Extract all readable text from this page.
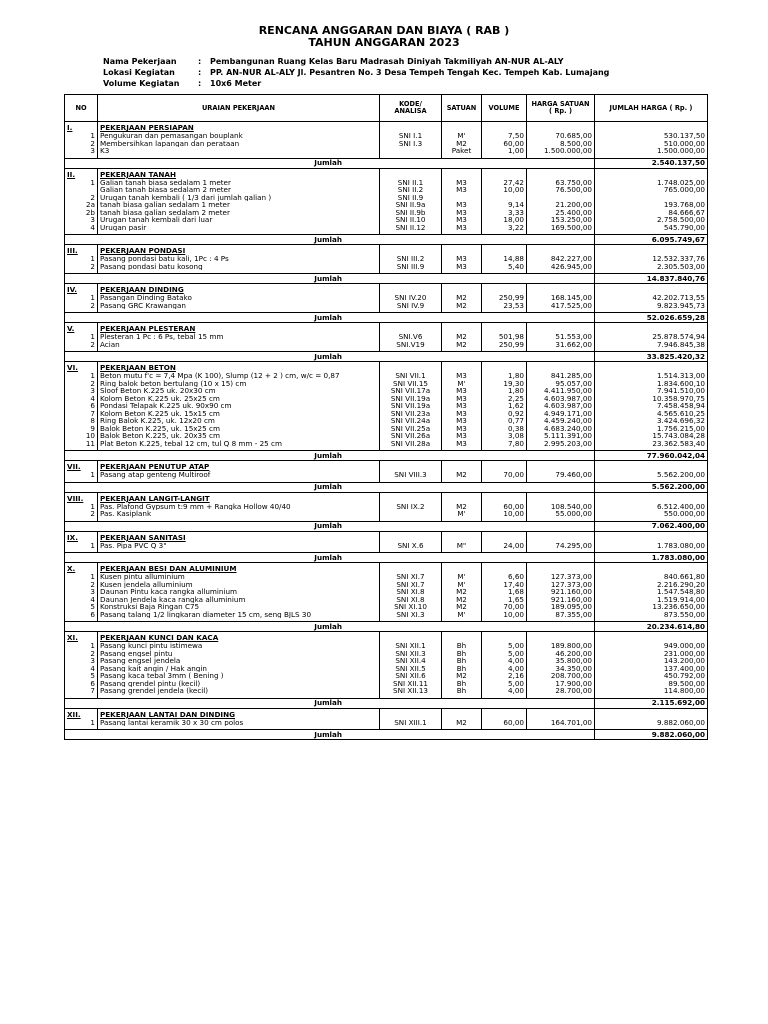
RENCANA ANGGARAN DAN BIAYA ( RAB )
TAHUN ANGGARAN 2023
Nama Pekerjaan	:	Pembangunan Ruang Kelas Baru Madrasah Diniyah Takmiliyah AN-NUR AL-ALY
Lokasi Kegiatan	:	PP. AN-NUR AL-ALY Jl. Pesantren No. 3 Desa Tempeh Tengah Kec. Tempeh Kab. Lumajang
Volume Kegiatan	:	10x6 Meter
NO	URAIAN PEKERJAAN	KODE/ ANALISA	SATUAN	VOLUME	HARGA SATUAN ( Rp. )	JUMLAH HARGA ( Rp. )

I.	PEKERJAAN PERSIAPAN					
1	Pengukuran dan pemasangan bouplank	SNI I.1	M'	7,50	70.685,00	530.137,50
2	Membersihkan lapangan dan perataan	SNI I.3	M2	60,00	8.500,00	510.000,00
3	K3		Paket	1,00	1.500.000,00	1.500.000,00

Jumlah						2.540.137,50

II.	PEKERJAAN TANAH					
1	Galian tanah biasa sedalam 1 meter	SNI II.1	M3	27,42	63.750,00	1.748.025,00
	Galian tanah biasa sedalam 2 meter	SNI II.2	M3	10,00	76.500,00	765.000,00
2	Urugan tanah kembali ( 1/3 dari jumlah galian )	SNI II.9				
2a	tanah biasa galian sedalam 1 meter	SNI II.9a	M3	9,14	21.200,00	193.768,00
2b	tanah biasa galian sedalam 2 meter	SNI II.9b	M3	3,33	25.400,00	84.666,67
3	Urugan tanah kembali dari luar	SNI II.10	M3	18,00	153.250,00	2.758.500,00
4	Urugan pasir	SNI II.12	M3	3,22	169.500,00	545.790,00

Jumlah						6.095.749,67

III.	PEKERJAAN PONDASI					
1	Pasang pondasi batu kali, 1Pc : 4 Ps	SNI III.2	M3	14,88	842.227,00	12.532.337,76
2	Pasang pondasi batu kosong	SNI III.9	M3	5,40	426.945,00	2.305.503,00

Jumlah						14.837.840,76

IV.	PEKERJAAN DINDING					
1	Pasangan Dinding Batako	SNI IV.20	M2	250,99	168.145,00	42.202.713,55
2	Pasang GRC Krawangan	SNI IV.9	M2	23,53	417.525,00	9.823.945,73

Jumlah						52.026.659,28

V.	PEKERJAAN PLESTERAN					
1	Plesteran 1 Pc : 6 Ps, tebal 15 mm	SNI.V6	M2	501,98	51.553,00	25.878.574,94
2	Acian	SNI.V19	M2	250,99	31.662,00	7.946.845,38

Jumlah						33.825.420,32

VI.	PEKERJAAN BETON					
1	Beton mutu f'c = 7,4 Mpa (K 100), Slump (12 + 2 ) cm, w/c = 0,87	SNI VII.1	M3	1,80	841.285,00	1.514.313,00
2	Ring balok beton bertulang (10 x 15) cm	SNI VII.15	M'	19,30	95.057,00	1.834.600,10
3	Sloof Beton K.225 uk. 20x30 cm	SNI VII.17a	M3	1,80	4.411.950,00	7.941.510,00
4	Kolom Beton K.225 uk. 25x25 cm	SNI VII.19a	M3	2,25	4.603.987,00	10.358.970,75
6	Pondasi Telapak K.225 uk. 90x90 cm	SNI VII.19a	M3	1,62	4.603.987,00	7.458.458,94
7	Kolom Beton K.225 uk. 15x15 cm	SNI VII.23a	M3	0,92	4.949.171,00	4.565.610,25
8	Ring Balok K.225, uk. 12x20 cm	SNI VII.24a	M3	0,77	4.459.240,00	3.424.696,32
9	Balok Beton K.225, uk. 15x25 cm	SNI VII.25a	M3	0,38	4.683.240,00	1.756.215,00
10	Balok Beton K.225, uk. 20x35 cm	SNI VII.26a	M3	3,08	5.111.391,00	15.743.084,28
11	Plat Beton K.225, tebal 12 cm, tul Q 8 mm - 25 cm	SNI VII.28a	M3	7,80	2.995.203,00	23.362.583,40

Jumlah						77.960.042,04

VII.	PEKERJAAN PENUTUP ATAP					
1	Pasang atap genteng Multiroof	SNI VIII.3	M2	70,00	79.460,00	5.562.200,00

Jumlah						5.562.200,00

VIII.	PEKERJAAN LANGIT-LANGIT					
1	Pas. Plafond Gypsum t:9 mm + Rangka Hollow 40/40	SNI IX.2	M2	60,00	108.540,00	6.512.400,00
2	Pas. Kasiplank		M'	10,00	55.000,00	550.000,00

Jumlah						7.062.400,00

IX.	PEKERJAAN SANITASI					
1	Pas. Pipa PVC Q 3"	SNI X.6	M"	24,00	74.295,00	1.783.080,00

Jumlah						1.783.080,00

X.	PEKERJAAN BESI DAN ALUMINIUM					
1	Kusen pintu alluminium	SNI XI.7	M'	6,60	127.373,00	840.661,80
2	Kusen jendela alluminium	SNI XI.7	M'	17,40	127.373,00	2.216.290,20
3	Daunan Pintu kaca rangka alluminium	SNI XI.8	M2	1,68	921.160,00	1.547.548,80
4	Daunan Jendela kaca rangka alluminium	SNI XI.8	M2	1,65	921.160,00	1.519.914,00
5	Konstruksi Baja Ringan C75	SNI XI.10	M2	70,00	189.095,00	13.236.650,00
6	Pasang talang 1/2 lingkaran diameter 15 cm, seng BJLS 30	SNI XI.3	M'	10,00	87.355,00	873.550,00

Jumlah						20.234.614,80

XI.	PEKERJAAN KUNCI DAN KACA					
1	Pasang kunci pintu istimewa	SNI XII.1	Bh	5,00	189.800,00	949.000,00
2	Pasang engsel pintu	SNI XII.3	Bh	5,00	46.200,00	231.000,00
3	Pasang engsel jendela	SNI XII.4	Bh	4,00	35.800,00	143.200,00
4	Pasang kait angin / Hak angin	SNI XII.5	Bh	4,00	34.350,00	137.400,00
5	Pasang kaca tebal 3mm ( Bening )	SNI XII.6	M2	2,16	208.700,00	450.792,00
6	Pasang grendel pintu (kecil)	SNI XII.11	Bh	5,00	17.900,00	89.500,00
7	Pasang grendel jendela (kecil)	SNI XII.13	Bh	4,00	28.700,00	114.800,00

Jumlah						2.115.692,00

XII.	PEKERJAAN LANTAI DAN DINDING					
1	Pasang lantai keramik 30 x 30 cm polos	SNI XIII.1	M2	60,00	164.701,00	9.882.060,00

Jumlah						9.882.060,00
